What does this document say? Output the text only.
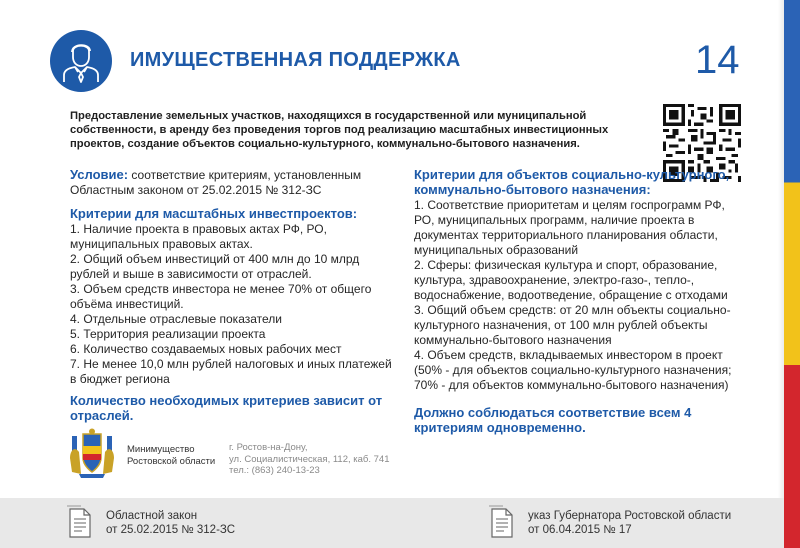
ИМУЩЕСТВЕННАЯ ПОДДЕРЖКА	14
Предоставление земельных участков, находящихся в государственной или муниципальной собственности, в аренду без проведения торгов под реализацию масштабных инвестиционных проектов, создание объектов социально-культурного, коммунально-бытового назначения.
Условие: соответствие критериям, установленным Областным законом от 25.02.2015 № 312-ЗС
Критерии для масштабных инвестпроектов:
1. Наличие проекта в правовых актах РФ, РО, муниципальных правовых актах.
2. Общий объем инвестиций от 400 млн до 10 млрд рублей и выше в зависимости от отраслей.
3. Объем средств инвестора не менее 70% от общего объёма инвестиций.
4. Отдельные отраслевые показатели
5. Территория реализации проекта
6. Количество создаваемых новых рабочих мест
7. Не менее 10,0 млн рублей налоговых и иных платежей в бюджет региона
Количество необходимых критериев зависит от отраслей.
Критерии для объектов социально-культурного, коммунально-бытового назначения:
1. Соответствие приоритетам и целям госпрограмм РФ, РО, муниципальных программ, наличие проекта в документах территориального планирования области, муниципальных образований
2. Сферы: физическая культура и спорт, образование, культура, здравоохранение, электро-газо-, тепло-, водоснабжение, водоотведение, обращение с отходами
3. Общий объем средств: от 20 млн объекты социально-культурного назначения, от 100 млн рублей объекты коммунально-бытового назначения
4. Объем средств, вкладываемых инвестором в проект (50% - для объектов социально-культурного назначения; 70% - для объектов коммунально-бытового назначения)
Должно соблюдаться соответствие всем 4 критериям одновременно.
Минимущество
Ростовской области
г. Ростов-на-Дону,
ул. Социалистическая, 112, каб. 741
тел.: (863) 240-13-23
Областной закон
от 25.02.2015 № 312-ЗС
указ Губернатора Ростовской области
от 06.04.2015 № 17
